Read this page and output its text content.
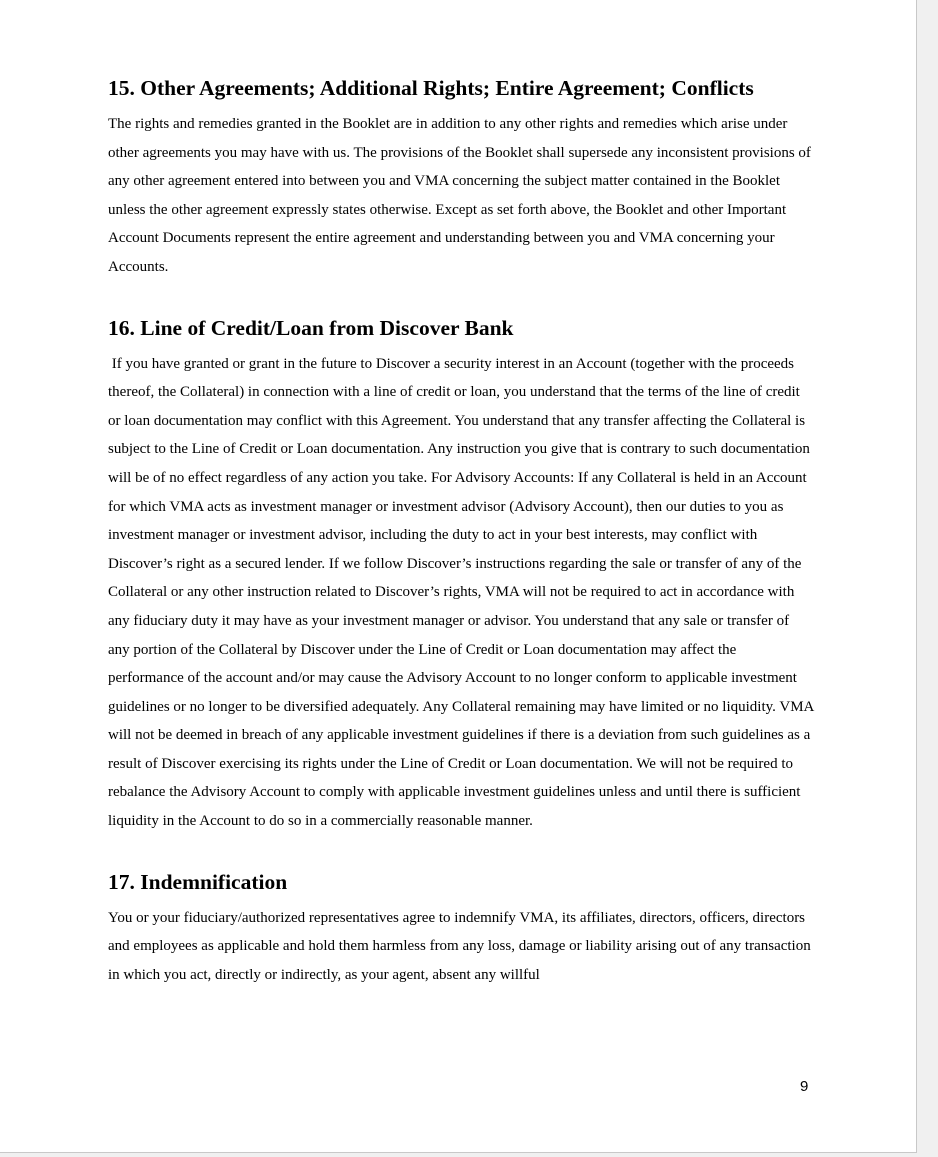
15. Other Agreements; Additional Rights; Entire Agreement; Conflicts

The rights and remedies granted in the Booklet are in addition to any other rights and remedies which arise under other agreements you may have with us. The provisions of the Booklet shall supersede any inconsistent provisions of any other agreement entered into between you and VMA concerning the subject matter contained in the Booklet unless the other agreement expressly states otherwise. Except as set forth above, the Booklet and other Important Account Documents represent the entire agreement and understanding between you and VMA concerning your Accounts.

16. Line of Credit/Loan from Discover Bank

If you have granted or grant in the future to Discover a security interest in an Account (together with the proceeds thereof, the Collateral) in connection with a line of credit or loan, you understand that the terms of the line of credit or loan documentation may conflict with this Agreement. You understand that any transfer affecting the Collateral is subject to the Line of Credit or Loan documentation. Any instruction you give that is contrary to such documentation will be of no effect regardless of any action you take. For Advisory Accounts: If any Collateral is held in an Account for which VMA acts as investment manager or investment advisor (Advisory Account), then our duties to you as investment manager or investment advisor, including the duty to act in your best interests, may conflict with Discover’s right as a secured lender. If we follow Discover’s instructions regarding the sale or transfer of any of the Collateral or any other instruction related to Discover’s rights, VMA will not be required to act in accordance with any fiduciary duty it may have as your investment manager or advisor. You understand that any sale or transfer of any portion of the Collateral by Discover under the Line of Credit or Loan documentation may affect the performance of the account and/or may cause the Advisory Account to no longer conform to applicable investment guidelines or no longer to be diversified adequately. Any Collateral remaining may have limited or no liquidity. VMA will not be deemed in breach of any applicable investment guidelines if there is a deviation from such guidelines as a result of Discover exercising its rights under the Line of Credit or Loan documentation. We will not be required to rebalance the Advisory Account to comply with applicable investment guidelines unless and until there is sufficient liquidity in the Account to do so in a commercially reasonable manner.

17. Indemnification

You or your fiduciary/authorized representatives agree to indemnify VMA, its affiliates, directors, officers, directors and employees as applicable and hold them harmless from any loss, damage or liability arising out of any transaction in which you act, directly or indirectly, as your agent, absent any willful

9
